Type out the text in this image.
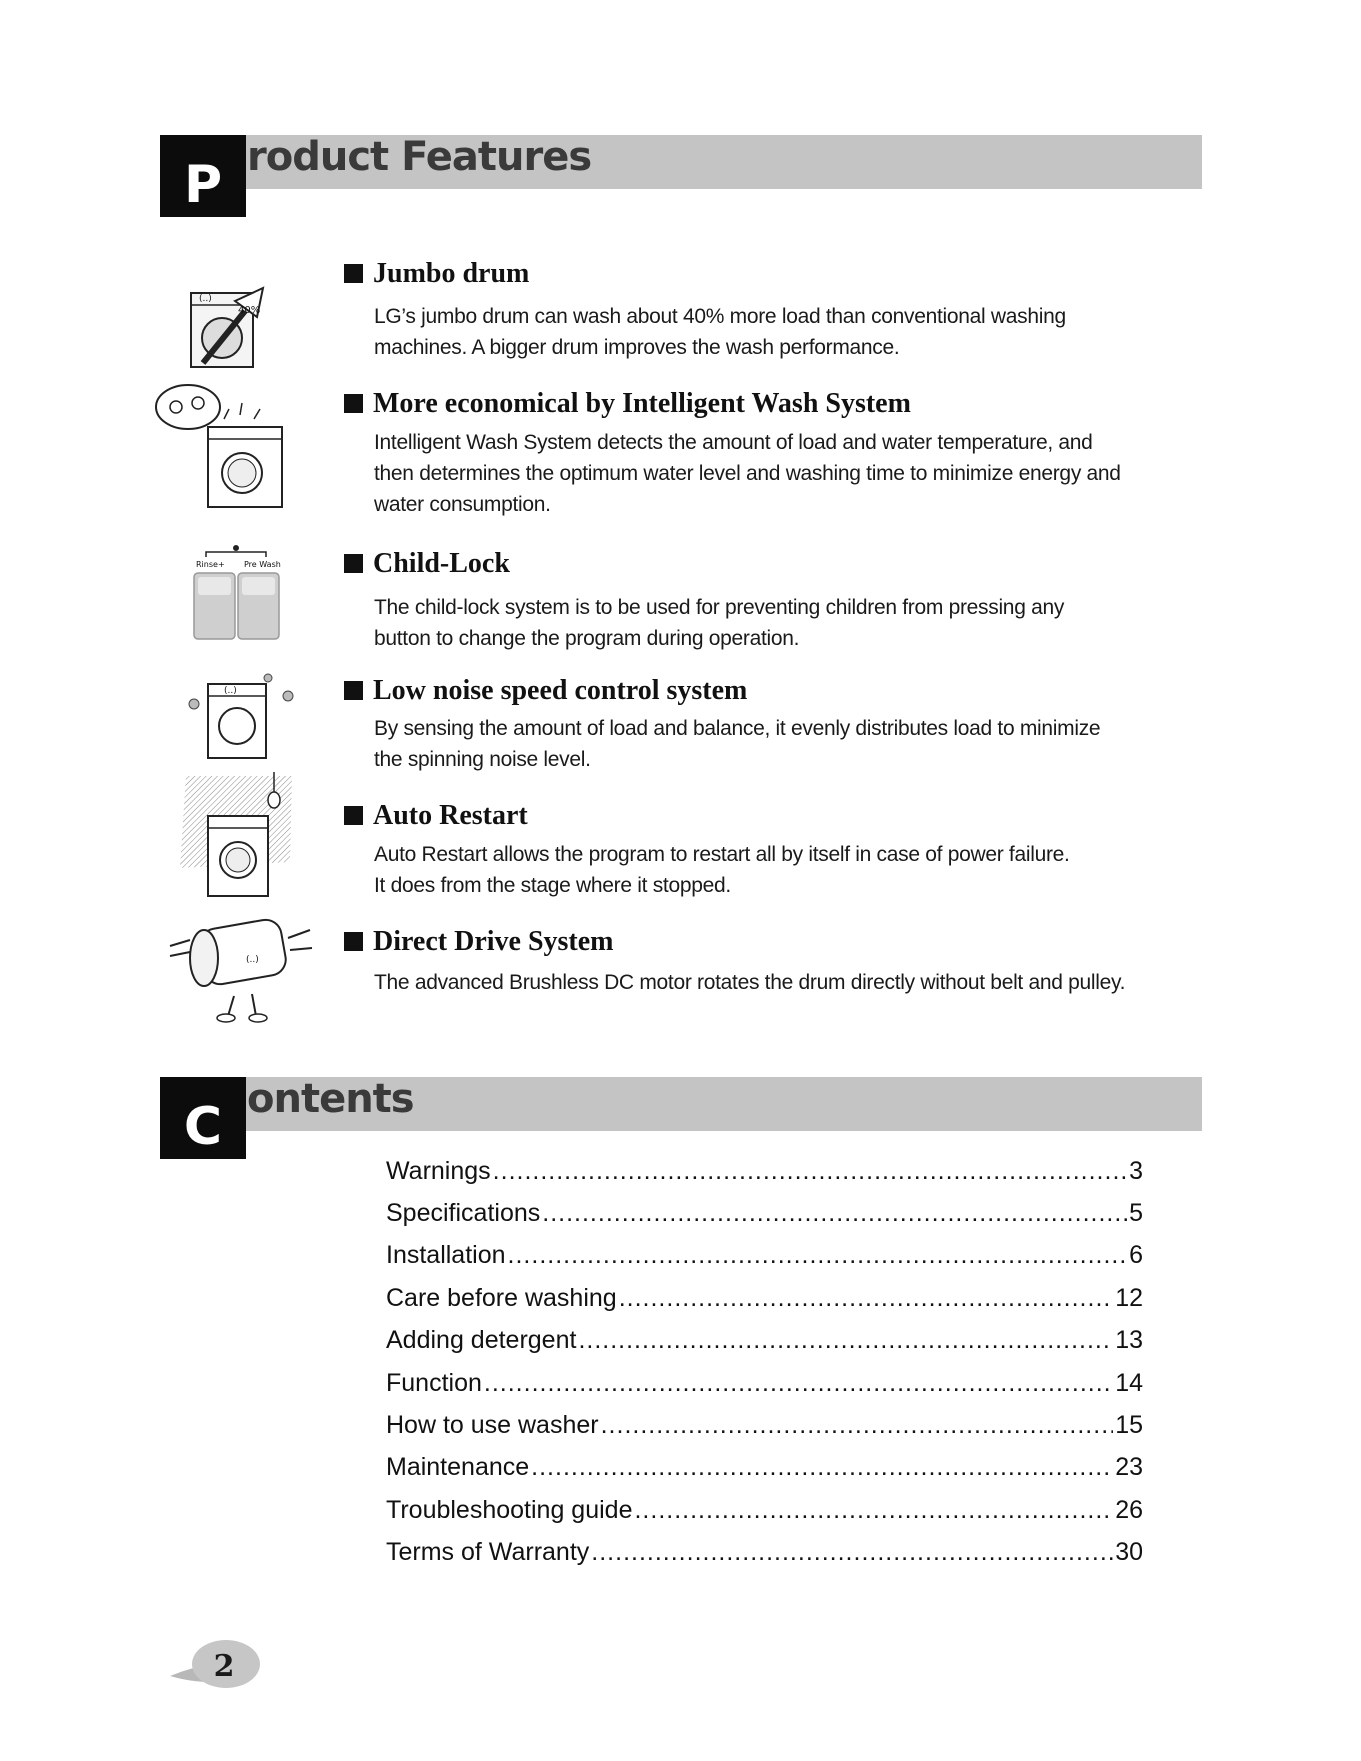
P roduct Features
40%
(..)
Jumbo drum
LG’s jumbo drum can wash about 40% more load than conventional washing
machines. A bigger drum improves the wash performance.
More economical by Intelligent Wash System
Intelligent Wash System detects the amount of load and water temperature, and
then determines the optimum water level and washing time to minimize energy and
water consumption.
Rinse+ Pre Wash	Child-Lock
The child-lock system is to be used for preventing children from pressing any
button to change the program during operation.
(..)	Low noise speed control system
By sensing the amount of load and balance, it evenly distributes load to minimize
the spinning noise level.
Auto Restart
Auto Restart allows the program to restart all by itself in case of power failure.
It does from the stage where it stopped.
(..)
Direct Drive System
The advanced Brushless DC motor rotates the drum directly without belt and pulley.
C ontents
Warnings .....	3
Specifications .....	5
Installation .....	6
Care before washing .....	12
Adding detergent .....	13
Function .....	14
How to use washer .....	15
Maintenance .....	23
Troubleshooting guide .....	26
Terms of Warranty .....	30
2
